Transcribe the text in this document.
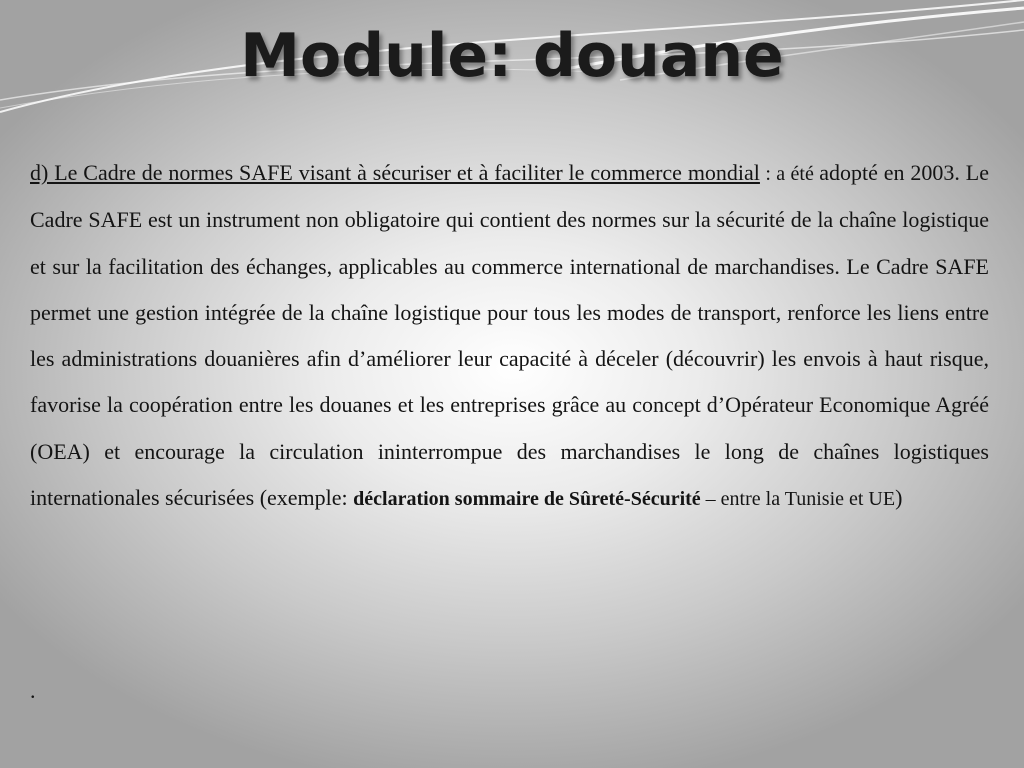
Module: douane

d) Le Cadre de normes SAFE visant à sécuriser et à faciliter le commerce mondial : a été adopté en 2003. Le Cadre SAFE est un instrument non obligatoire qui contient des normes sur la sécurité de la chaîne logistique et sur la facilitation des échanges, applicables au commerce international de marchandises. Le Cadre SAFE permet une gestion intégrée de la chaîne logistique pour tous les modes de transport, renforce les liens entre les administrations douanières afin d’améliorer leur capacité à déceler (découvrir) les envois à haut risque, favorise la coopération entre les douanes et les entreprises grâce au concept d’Opérateur Economique Agréé (OEA) et encourage la circulation ininterrompue des marchandises le long de chaînes logistiques internationales sécurisées (exemple: déclaration sommaire de Sûreté-Sécurité – entre la Tunisie et UE)

.
